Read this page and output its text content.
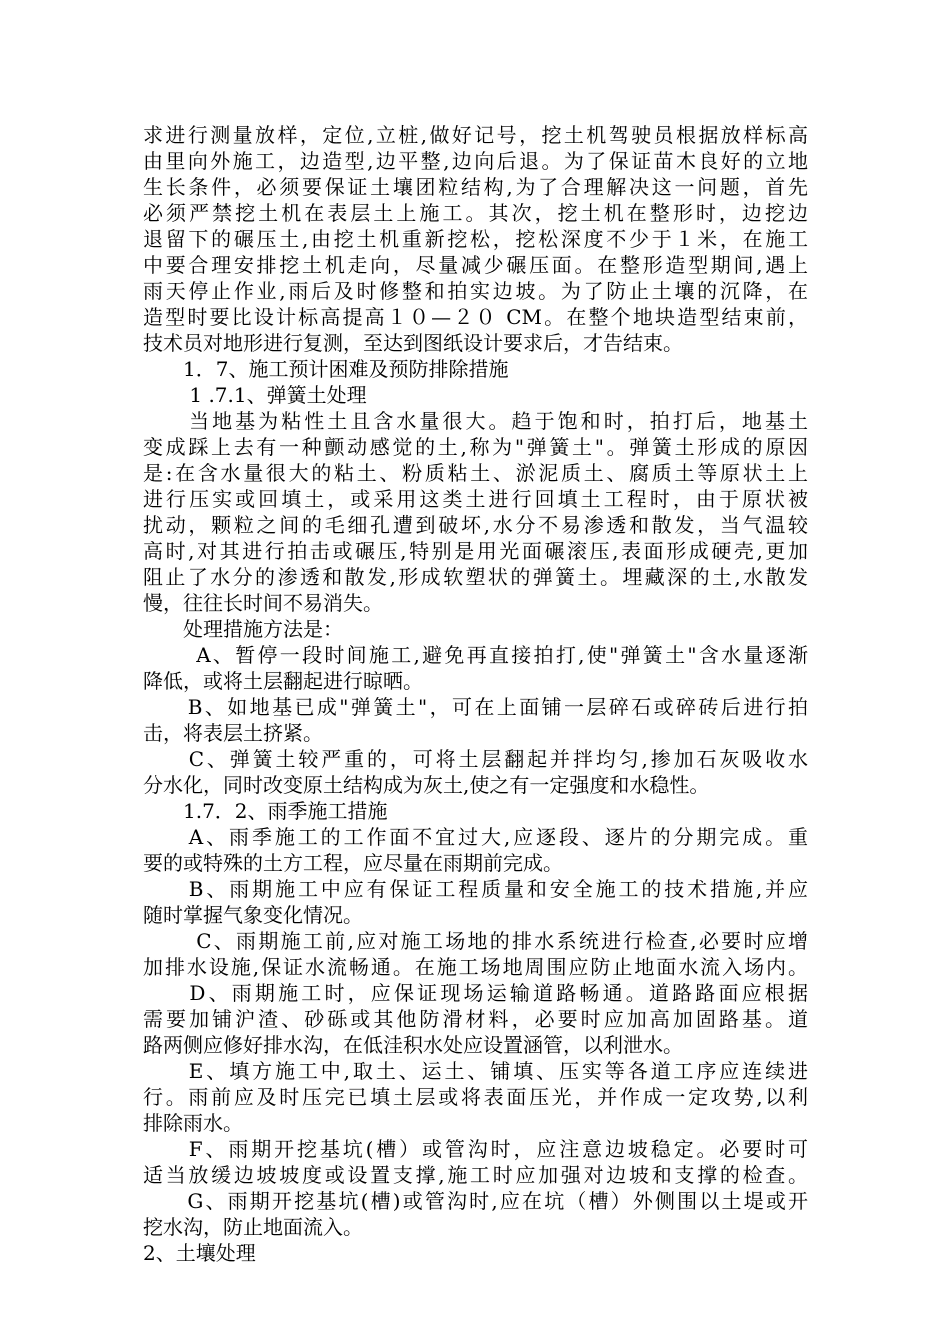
求进行测量放样，定位,立桩,做好记号，挖土机驾驶员根据放样标高
由里向外施工，边造型,边平整,边向后退。为了保证苗木良好的立地
生长条件，必须要保证土壤团粒结构,为了合理解决这一问题，首先
必须严禁挖土机在表层土上施工。其次，挖土机在整形时，边挖边
退留下的碾压土,由挖土机重新挖松，挖松深度不少于１米，在施工
中要合理安排挖土机走向，尽量减少碾压面。在整形造型期间,遇上
雨天停止作业,雨后及时修整和拍实边坡。为了防止土壤的沉降，在
造型时要比设计标高提高１０—２０ CM。在整个地块造型结束前，
技术员对地形进行复测，至达到图纸设计要求后，才告结束。
　　1．7、施工预计困难及预防排除措施
　　 1 .7.1、弹簧土处理
　　当地基为粘性土且含水量很大。趋于饱和时，拍打后，地基土
变成踩上去有一种颤动感觉的土,称为"弹簧土"。弹簧土形成的原因
是:在含水量很大的粘土、粉质粘土、淤泥质土、腐质土等原状土上
进行压实或回填土，或采用这类土进行回填土工程时，由于原状被
扰动，颗粒之间的毛细孔遭到破坏,水分不易渗透和散发，当气温较
高时,对其进行拍击或碾压,特别是用光面碾滚压,表面形成硬壳,更加
阻止了水分的渗透和散发,形成软塑状的弹簧土。埋藏深的土,水散发
慢，往往长时间不易消失。
　　处理措施方法是：
　　 A、暂停一段时间施工,避免再直接拍打,使"弹簧土"含水量逐渐
降低，或将土层翻起进行晾晒。
　　B、如地基已成"弹簧土"，可在上面铺一层碎石或碎砖后进行拍
击，将表层土挤紧。
　　C、弹簧土较严重的，可将土层翻起并拌均匀,掺加石灰吸收水
分水化，同时改变原土结构成为灰土,使之有一定强度和水稳性。
　　1.7．2、雨季施工措施
　　A、雨季施工的工作面不宜过大,应逐段、逐片的分期完成。重
要的或特殊的土方工程，应尽量在雨期前完成。
　　B、雨期施工中应有保证工程质量和安全施工的技术措施,并应
随时掌握气象变化情况。
　　 C、雨期施工前,应对施工场地的排水系统进行检查,必要时应增
加排水设施,保证水流畅通。在施工场地周围应防止地面水流入场内。
　　D、雨期施工时，应保证现场运输道路畅通。道路路面应根据
需要加铺沪渣、砂砾或其他防滑材料，必要时应加高加固路基。道
路两侧应修好排水沟，在低洼积水处应设置涵管，以利泄水。
　　E、填方施工中,取土、运土、铺填、压实等各道工序应连续进
行。雨前应及时压完已填土层或将表面压光，并作成一定攻势,以利
排除雨水。
　　F、雨期开挖基坑(槽）或管沟时，应注意边坡稳定。必要时可
适当放缓边坡坡度或设置支撑,施工时应加强对边坡和支撑的检查。
　　G、雨期开挖基坑(槽)或管沟时,应在坑（槽）外侧围以土堤或开
挖水沟，防止地面流入。
2、土壤处理
